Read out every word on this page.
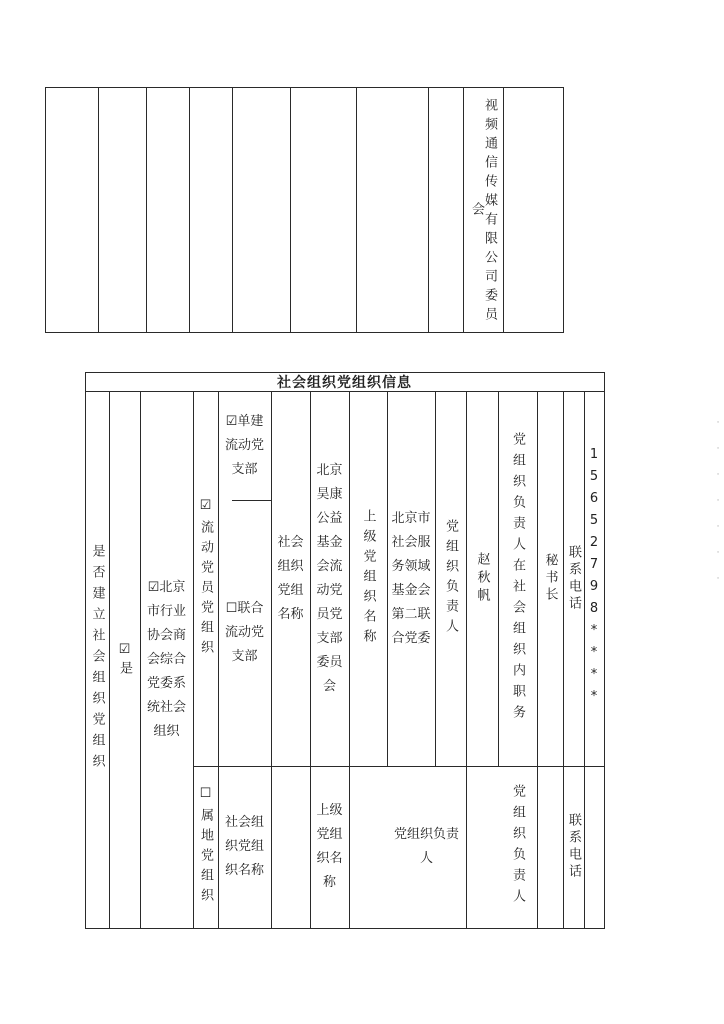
视频通信传媒有限公司委员会
社会组织党组织信息
是否建立社会组织党组织 ☑是
☑北京市行业协会商会综合党委系统社会组织
☑流动党员党组织
☑单建流动党支部
☐联合流动党支部
社会组织党组名称
北京昊康公益基金会流动党员党支部委员会
上级党组织名称 北京市社会服务领域基金会第二联合党委 党组织负责人 赵秋帆 党组织负责人在社会组织内职务 秘书长 联系电话 15652798****
☐属地党组织 社会组织党组织名称
上级党组织名称
党组织负责人	党组织负责人	联系电话
· · · · · · ·
